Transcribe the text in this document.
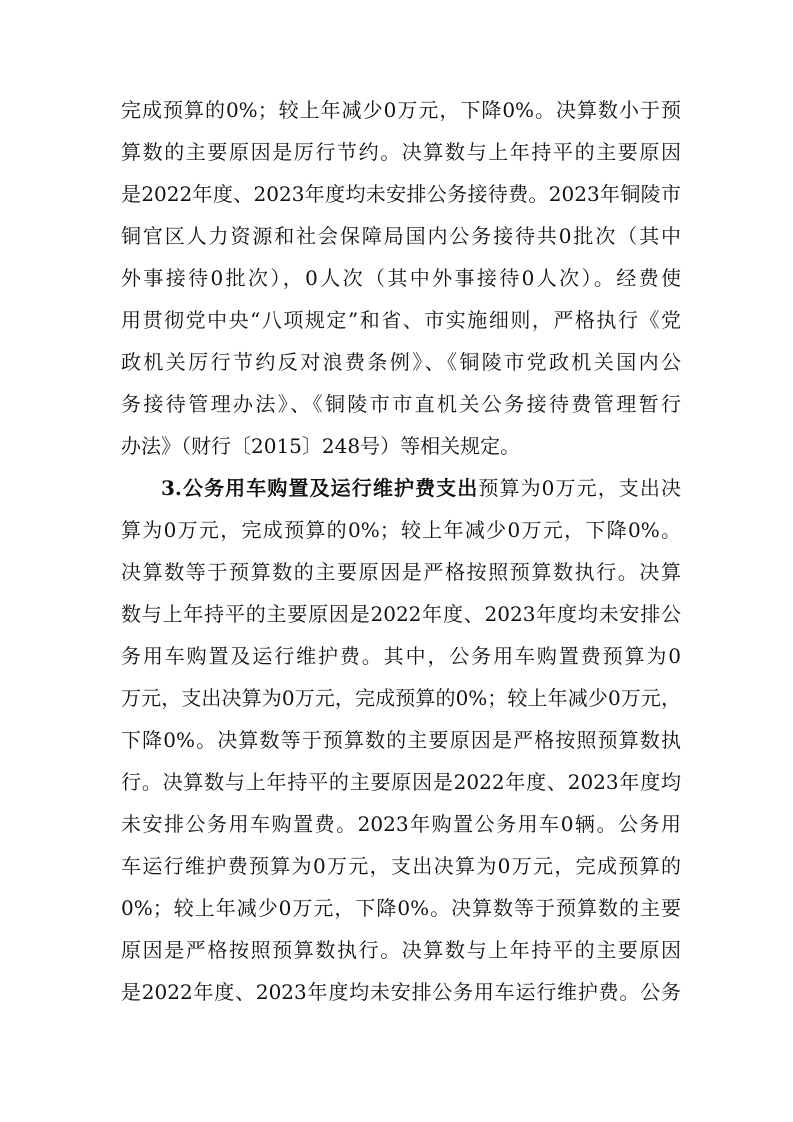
完成预算的0%；较上年减少0万元，下降0%。决算数小于预
算数的主要原因是厉行节约。决算数与上年持平的主要原因
是2022年度、2023年度均未安排公务接待费。2023年铜陵市
铜官区人力资源和社会保障局国内公务接待共0批次（其中
外事接待0批次），0人次（其中外事接待0人次）。经费使
用贯彻党中央“八项规定”和省、市实施细则，严格执行《党
政机关厉行节约反对浪费条例》、《铜陵市党政机关国内公
务接待管理办法》、《铜陵市市直机关公务接待费管理暂行
办法》（财行〔2015〕248号）等相关规定。
3.公务用车购置及运行维护费支出预算为0万元，支出决
算为0万元，完成预算的0%；较上年减少0万元，下降0%。
决算数等于预算数的主要原因是严格按照预算数执行。决算
数与上年持平的主要原因是2022年度、2023年度均未安排公
务用车购置及运行维护费。其中，公务用车购置费预算为0
万元，支出决算为0万元，完成预算的0%；较上年减少0万元，
下降0%。决算数等于预算数的主要原因是严格按照预算数执
行。决算数与上年持平的主要原因是2022年度、2023年度均
未安排公务用车购置费。2023年购置公务用车0辆。公务用
车运行维护费预算为0万元，支出决算为0万元，完成预算的
0%；较上年减少0万元，下降0%。决算数等于预算数的主要
原因是严格按照预算数执行。决算数与上年持平的主要原因
是2022年度、2023年度均未安排公务用车运行维护费。公务
